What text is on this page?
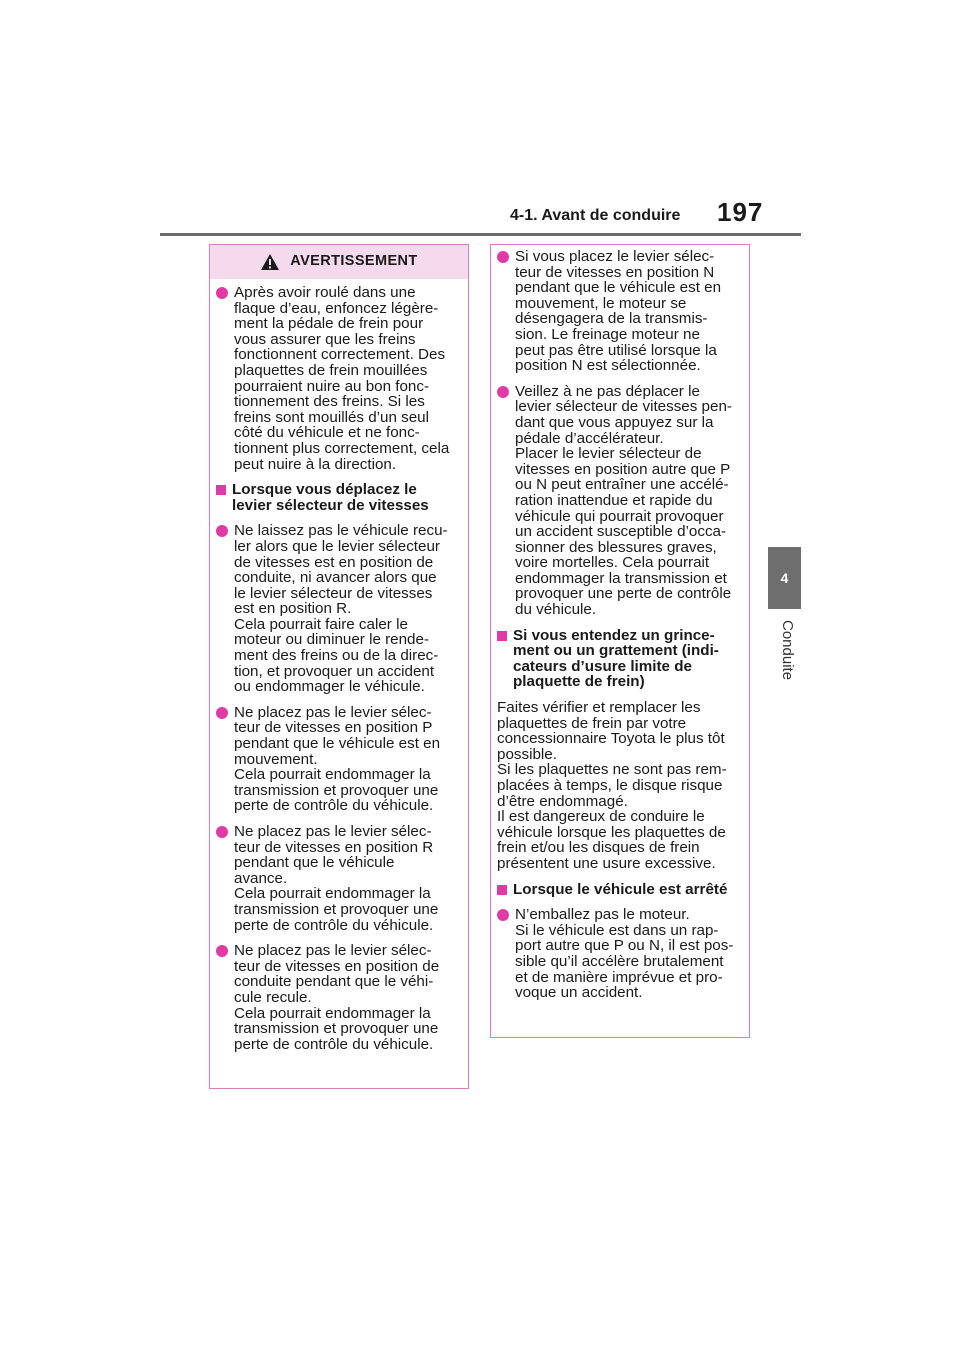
4-1. Avant de conduire 197
4
Conduite
AVERTISSEMENT
Après avoir roulé dans une
flaque d’eau, enfoncez légère-
ment la pédale de frein pour
vous assurer que les freins
fonctionnent correctement. Des
plaquettes de frein mouillées
pourraient nuire au bon fonc-
tionnement des freins. Si les
freins sont mouillés d’un seul
côté du véhicule et ne fonc-
tionnent plus correctement, cela
peut nuire à la direction.
Lorsque vous déplacez le
levier sélecteur de vitesses
Ne laissez pas le véhicule recu-
ler alors que le levier sélecteur
de vitesses est en position de
conduite, ni avancer alors que
le levier sélecteur de vitesses
est en position R.
Cela pourrait faire caler le
moteur ou diminuer le rende-
ment des freins ou de la direc-
tion, et provoquer un accident
ou endommager le véhicule.
Ne placez pas le levier sélec-
teur de vitesses en position P
pendant que le véhicule est en
mouvement.
Cela pourrait endommager la
transmission et provoquer une
perte de contrôle du véhicule.
Ne placez pas le levier sélec-
teur de vitesses en position R
pendant que le véhicule
avance.
Cela pourrait endommager la
transmission et provoquer une
perte de contrôle du véhicule.
Ne placez pas le levier sélec-
teur de vitesses en position de
conduite pendant que le véhi-
cule recule.
Cela pourrait endommager la
transmission et provoquer une
perte de contrôle du véhicule.
Si vous placez le levier sélec-
teur de vitesses en position N
pendant que le véhicule est en
mouvement, le moteur se
désengagera de la transmis-
sion. Le freinage moteur ne
peut pas être utilisé lorsque la
position N est sélectionnée.
Veillez à ne pas déplacer le
levier sélecteur de vitesses pen-
dant que vous appuyez sur la
pédale d’accélérateur.
Placer le levier sélecteur de
vitesses en position autre que P
ou N peut entraîner une accélé-
ration inattendue et rapide du
véhicule qui pourrait provoquer
un accident susceptible d’occa-
sionner des blessures graves,
voire mortelles. Cela pourrait
endommager la transmission et
provoquer une perte de contrôle
du véhicule.
Si vous entendez un grince-
ment ou un grattement (indi-
cateurs d’usure limite de
plaquette de frein)
Faites vérifier et remplacer les
plaquettes de frein par votre
concessionnaire Toyota le plus tôt
possible.
Si les plaquettes ne sont pas rem-
placées à temps, le disque risque
d’être endommagé.
Il est dangereux de conduire le
véhicule lorsque les plaquettes de
frein et/ou les disques de frein
présentent une usure excessive.
Lorsque le véhicule est arrêté
N’emballez pas le moteur.
Si le véhicule est dans un rap-
port autre que P ou N, il est pos-
sible qu’il accélère brutalement
et de manière imprévue et pro-
voque un accident.
